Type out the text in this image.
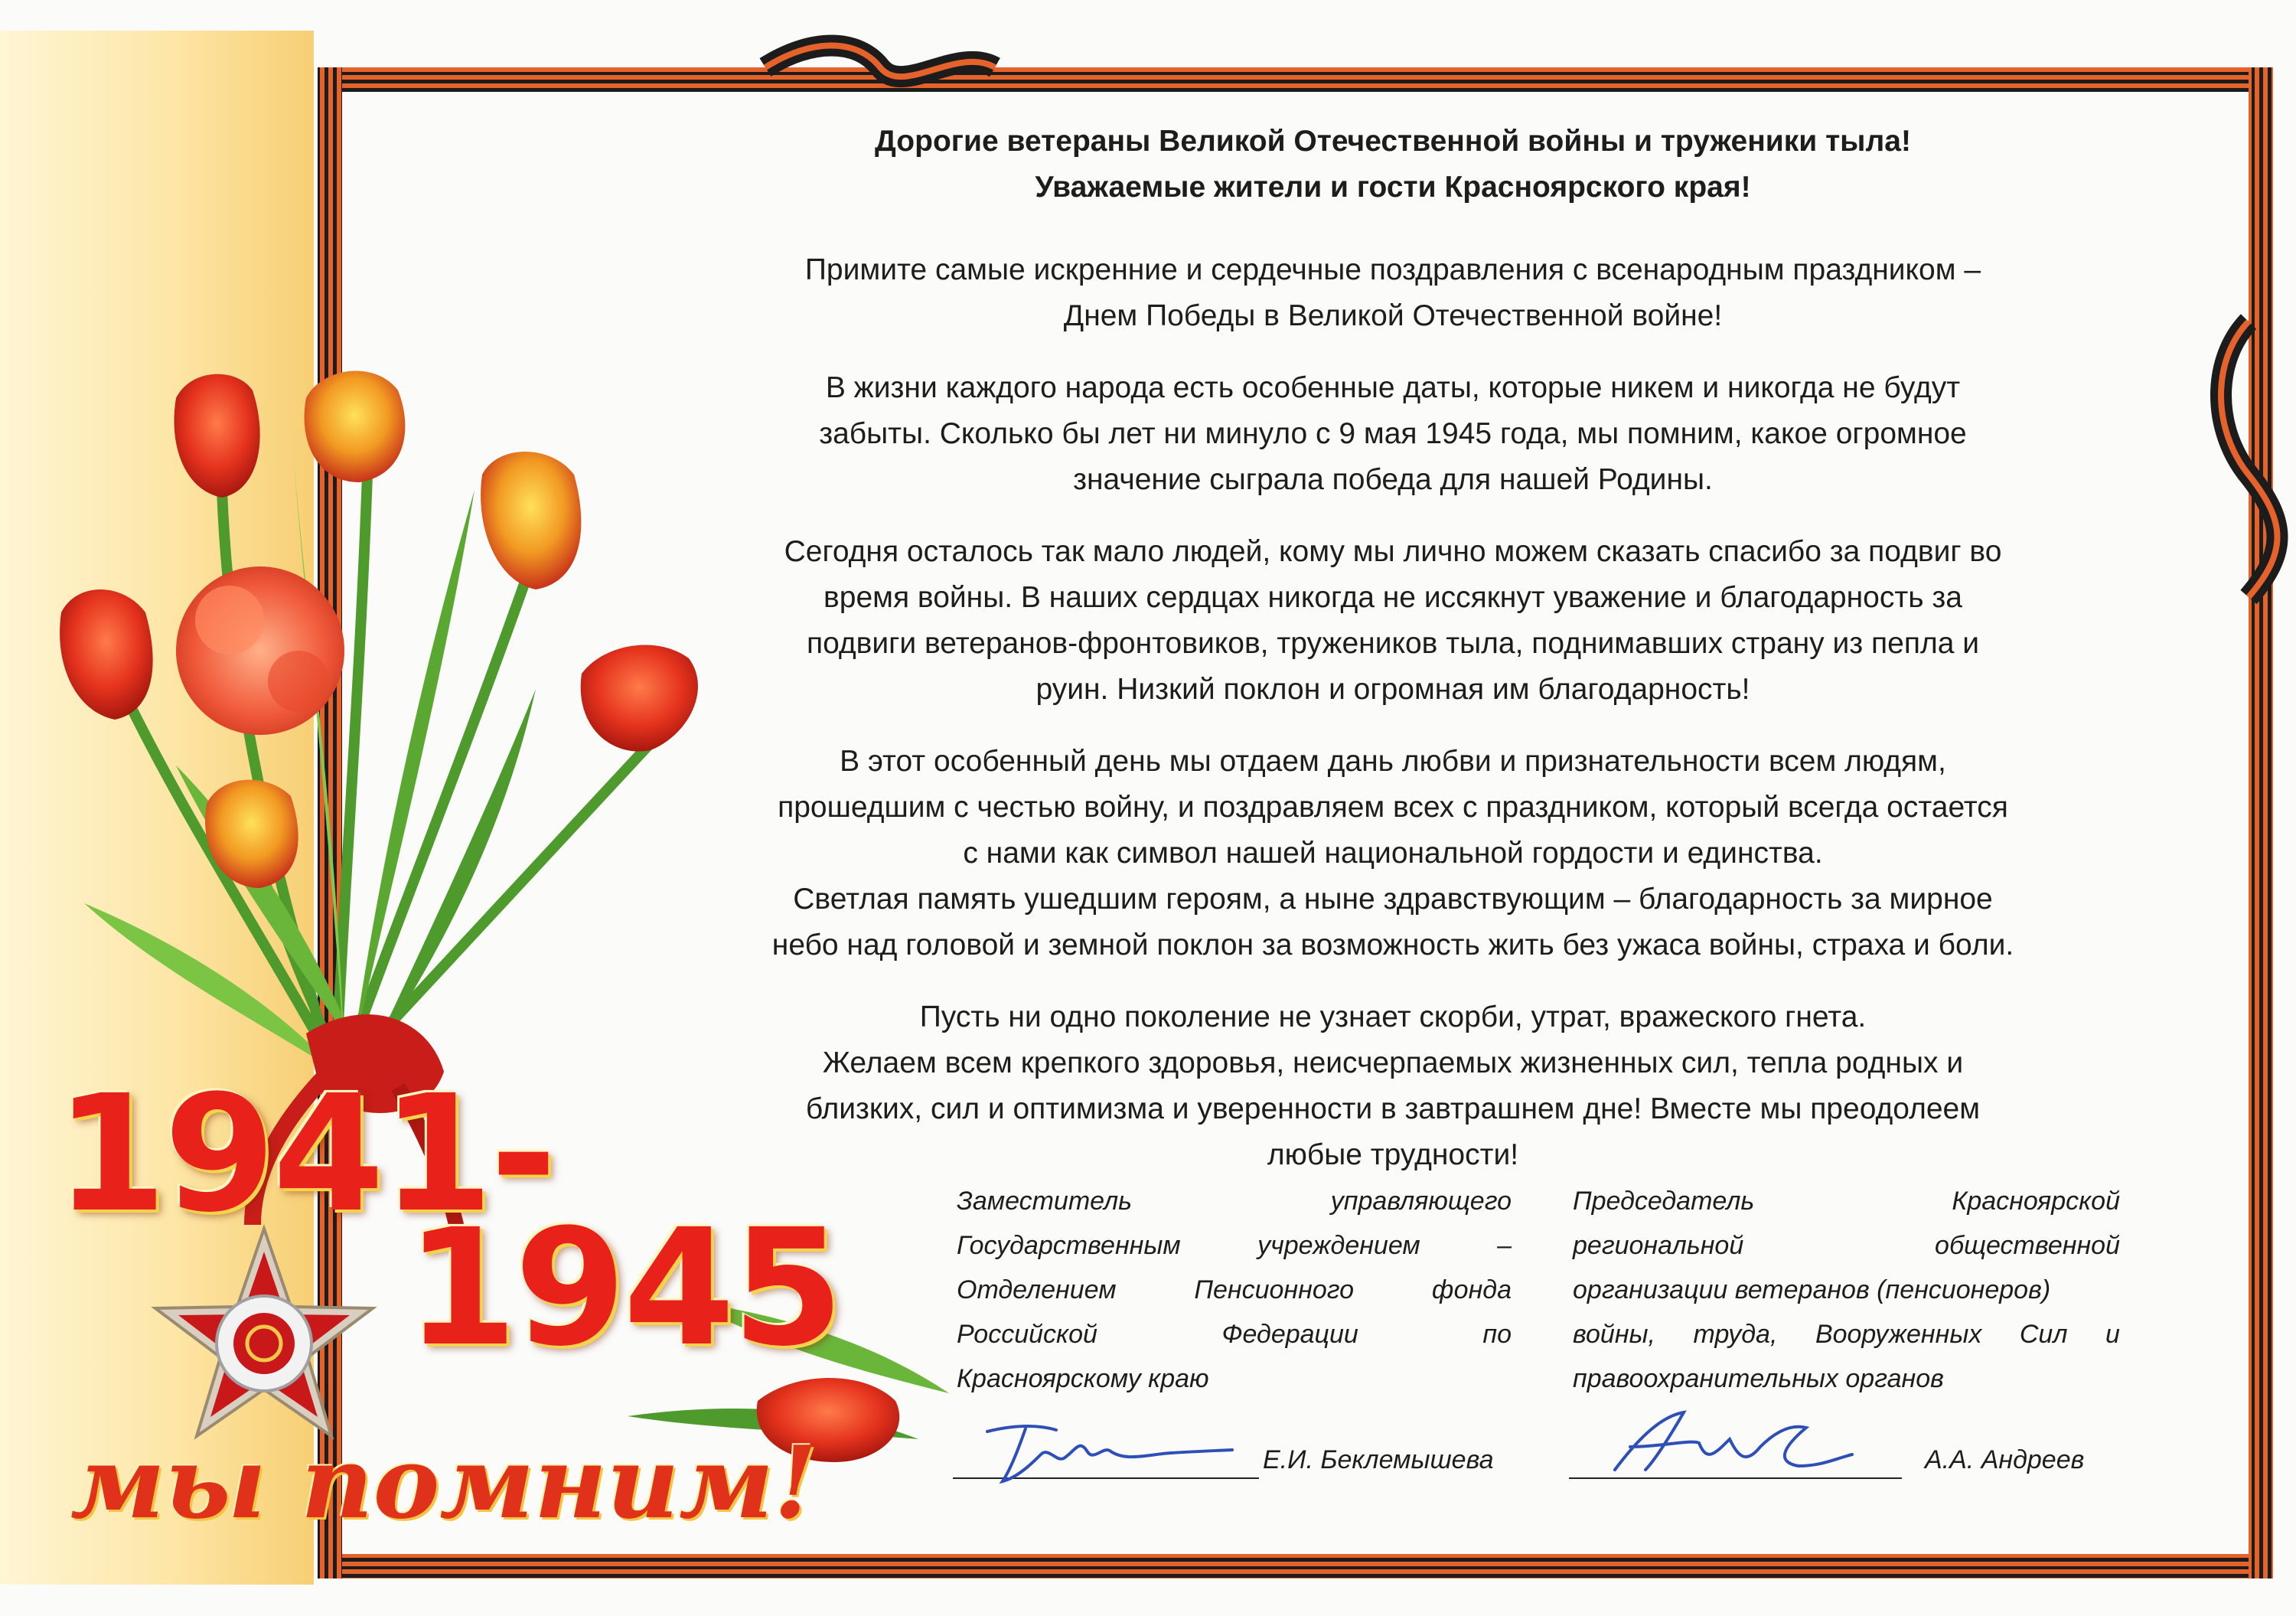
1941-
1945
мы помним!

Дорогие ветераны Великой Отечественной войны и труженики тыла!

Уважаемые жители и гости Красноярского края!

Примите самые искренние и сердечные поздравления с всенародным праздником –

Днем Победы в Великой Отечественной войне!

В жизни каждого народа есть особенные даты, которые никем и никогда не будут

забыты. Сколько бы лет ни минуло с 9 мая 1945 года, мы помним, какое огромное

значение сыграла победа для нашей Родины.

Сегодня осталось так мало людей, кому мы лично можем сказать спасибо за подвиг во

время войны. В наших сердцах никогда не иссякнут уважение и благодарность за

подвиги ветеранов-фронтовиков, тружеников тыла, поднимавших страну из пепла и

руин. Низкий поклон и огромная им благодарность!

В этот особенный день мы отдаем дань любви и признательности всем людям,

прошедшим с честью войну, и поздравляем всех с праздником, который всегда остается

с нами как символ нашей национальной гордости и единства.

Светлая память ушедшим героям, а ныне здравствующим – благодарность за мирное

небо над головой и земной поклон за возможность жить без ужаса войны, страха и боли.

Пусть ни одно поколение не узнает скорби, утрат, вражеского гнета.

Желаем всем крепкого здоровья, неисчерпаемых жизненных сил, тепла родных и

близких, сил и оптимизма и уверенности в завтрашнем дне! Вместе мы преодолеем

любые трудности!

Заместитель	управляющего
Государственным	учреждением	–
Отделением	Пенсионного	фонда
Российской	Федерации	по
Красноярскому краю
Председатель	Красноярской
региональной	общественной
организации ветеранов (пенсионеров)
войны, труда, Вооруженных Сил и
правоохранительных органов
Е.И. Беклемышева	А.А. Андреев
